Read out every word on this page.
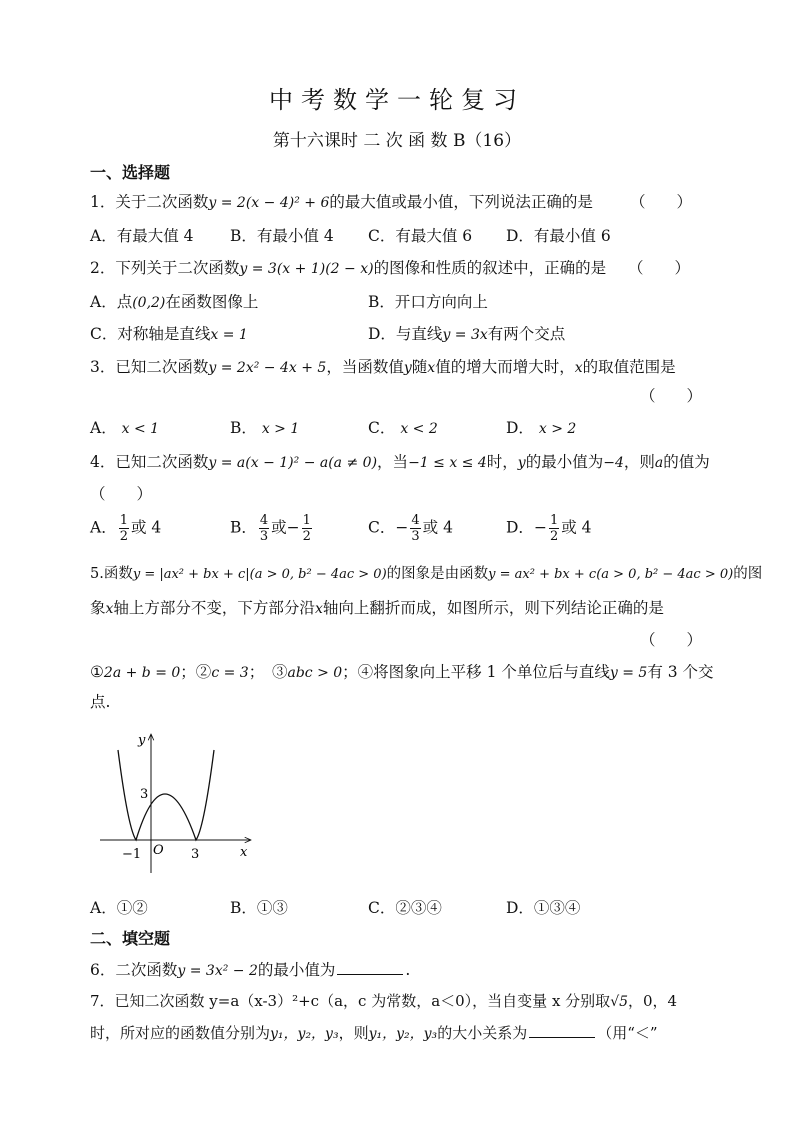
中考数学一轮复习
第十六课时 二 次 函 数 B（16）
一、选择题
1．关于二次函数y = 2(x − 4)² + 6的最大值或最小值，下列说法正确的是 （　　）
A．有最大值 4 B．有最小值 4 C．有最大值 6 D．有最小值 6
2．下列关于二次函数y = 3(x + 1)(2 − x)的图像和性质的叙述中，正确的是 （　　）
A．点(0,2)在函数图像上	B．开口方向向上
C．对称轴是直线x = 1	D．与直线y = 3x有两个交点
3．已知二次函数y = 2x² − 4x + 5，当函数值y随x值的增大而增大时，x的取值范围是
（　　）
A． x < 1	B． x > 1	C． x < 2	D． x > 2
4．已知二次函数y = a(x − 1)² − a(a ≠ 0)，当−1 ≤ x ≤ 4时，y的最小值为−4，则a的值为
（　　）
A． $\frac{1}{2}$ 或 4	B． $\frac{4}{3}$ 或− $\frac{1}{2}$	C．− $\frac{4}{3}$ 或 4	D．− $\frac{1}{2}$ 或 4
5.函数y = |ax² + bx + c|(a > 0, b² − 4ac > 0)的图象是由函数y = ax² + bx + c(a > 0, b² − 4ac > 0)的图
象x轴上方部分不变，下方部分沿x轴向上翻折而成，如图所示，则下列结论正确的是
（　　）
①2a + b = 0；②c = 3；　③abc > 0；④将图象向上平移 1 个单位后与直线y = 5有 3 个交
点.
y
x
O
−1	3
3
A．①②	B．①③	C．②③④	D．①③④
二、填空题
6．二次函数y = 3x² − 2的最小值为	.
7．已知二次函数 y=a（x-3）²+c（a，c 为常数，a＜0），当自变量 x 分别取√5，0，4
时，所对应的函数值分别为y₁，y₂，y₃，则y₁，y₂，y₃的大小关系为	（用“＜”
